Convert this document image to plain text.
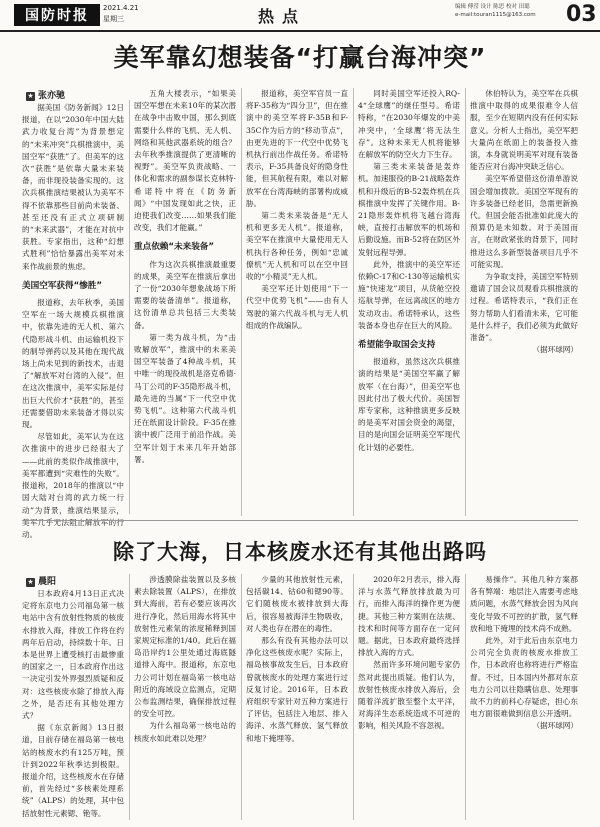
国防时报	2021.4.21
星期三	热点	编辑 傅滢 设计 陈思 校对 田聪
e-mail:touran1115@163.com 03
美军靠幻想装备“打赢台海冲突”
★ 张亦驰

据美国《防务新闻》12日报道，在以“2030年中国大陆武力收复台湾”为背景想定的“未来冲突”兵棋推演中，美国空军“获胜”了。但美军的这次“获胜”是依靠大量未来装备，而非现役装备实现的。这次兵棋推演结果被认为美军不得不依靠那些目前尚未装备、甚至还没有正式立项研制的“未来武器”，才能在对抗中获胜。专家指出，这种“幻想式胜利”恰恰暴露出美军对未来作战前景的焦虑。

美国空军获得“惨胜”

报道称，去年秋季，美国空军在一场大规模兵棋推演中，依靠先进的无人机、第六代隐形战斗机、由运输机投下的制导弹药以及其他在现代战场上尚未见到的新技术，击退了“解放军对台湾的入侵”。但在这次推演中，美军实际是付出巨大代价才“获胜”的，甚至还需要借助未来装备才得以实现。

尽管如此，美军认为在这次推演中的进步已经很大了——此前的类似作战推演中，美军都遭到“灾难性的失败”。报道称，2018年的推演以“中国大陆对台湾的武力统一行动”为背景，推演结果显示，美军几乎无法阻止解放军的行动。

五角大楼表示，“如果美国空军想在未来10年的某次潜在战争中击败中国，那么到底需要什么样的飞机、无人机、网络和其他武器系统的组合？去年秋季推演提供了更清晰的视野”。美空军负责战略、一体化和需求的副参谋长克林特·希诺特中将在《防务新闻》“中国发现如此之快，正迫使我们改变……如果我们能改变，我们才能赢。”

重点依赖“未来装备”

作为这次兵棋推演最重要的成果，美空军在推演后拿出了一份“2030年想象战场下所需要的装备清单”。报道称，这份清单总共包括三大类装备。

第一类为战斗机，为“击败解放军”，推演中的未来美国空军装备了4种战斗机，其中唯一的现役战机是洛克希德·马丁公司的F-35隐形战斗机，最先进的当属“下一代空中优势飞机”。这种第六代战斗机还在纸面设计阶段。F-35在推演中被广泛用于前沿作战。美空军计划于未来几年开始部署。

报道称，美空军官员一直将F-35称为“四分卫”，但在推演中的美空军将F-35B和F-35C作为后方的“移动节点”，由更先进的下一代空中优势飞机执行前出作战任务。希诺特表示，F-35具备良好的隐身性能，但其航程有限，难以对解放军在台湾海峡的部署构成威胁。

第二类未来装备是“无人机和更多无人机”。报道称，美空军在推演中大量使用无人机执行各种任务，例如“忠诚僚机”无人机和可以在空中回收的“小精灵”无人机。

美空军还计划使用“下一代空中优势飞机”——由有人驾驶的第六代战斗机与无人机组成的作战编队。

同时美国空军还投入RQ-4“全球鹰”的继任型号。希诺特称，“在2030年爆发的中美冲突中，‘全球鹰’将无法生存”。这种未来无人机将能够在解放军的防空火力下生存。

第三类未来装备是轰炸机。加速服役的B-21战略轰炸机和升级后的B-52轰炸机在兵棋推演中发挥了关键作用。B-21隐形轰炸机将飞越台湾海峡，直接打击解放军的机场和后勤设施。而B-52将在防区外发射远程导弹。

此外，推演中的美空军还依赖C-17和C-130等运输机实施“快速龙”项目，从货舱空投巡航导弹，在远离战区的地方发动攻击。希诺特承认，这些装备本身也存在巨大的风险。

希望能争取国会支持

报道称，虽然这次兵棋推演的结果是“美国空军赢了解放军（在台海）”，但美空军也因此付出了极大代价。美国智库专家称，这种推演更多反映的是美军对国会资金的渴望，目的是向国会证明美空军现代化计划的必要性。

休伯特认为，美空军在兵棋推演中取得的成果很难令人信服，至少在短期内没有任何实际意义。分析人士指出，美空军把大量尚在纸面上的装备投入推演，本身就说明美军对现有装备能否应对台海冲突缺乏信心。

美空军希望借这份清单游说国会增加拨款。美国空军现有的许多装备已经老旧，急需更新换代。但国会能否批准如此庞大的预算仍是未知数。对于美国而言，在财政紧张的背景下，同时推进这么多新型装备项目几乎不可能实现。

为争取支持，美国空军特别邀请了国会议员观看兵棋推演的过程。希诺特表示，“我们正在努力帮助人们看清未来，它可能是什么样子，我们必须为此做好准备”。

（据环球网）

除了大海，日本核废水还有其他出路吗
★ 晨阳

日本政府4月13日正式决定将东京电力公司福岛第一核电站中含有放射性物质的核废水排放入海，排放工作将在约两年后启动，持续数十年。日本是世界上遭受核打击最惨重的国家之一，日本政府作出这一决定引发外界强烈质疑和反对：这些核废水除了排放入海之外，是否还有其他处理方式？

据《东京新闻》13日报道，目前存储在福岛第一核电站的核废水约有125万吨，预计到2022年秋季达到极限。报道介绍，这些核废水在存储前，首先经过“多核素处理系统”（ALPS）的处理，其中包括放射性元素锶、铯等。

涉透膜除盐装置以及多核素去除装置（ALPS），在排放到大海前，若有必要应该再次进行净化，然后用海水将其中放射性元素氚的浓度稀释到国家规定标准的1/40。此后在福岛沿岸约1公里处通过海底隧道排入海中。报道称，东京电力公司计划在福岛第一核电站附近的海域设立监测点，定期公布监测结果，确保排放过程的安全可控。

为什么福岛第一核电站的核废水如此难以处理？

少量的其他放射性元素，包括碳14、钴60和锶90等。它们随核废水被排放到大海后，很容易被海洋生物吸收，对人类也存在潜在的毒性。

那么有没有其他办法可以净化这些核废水呢？实际上，福岛核事故发生后，日本政府曾就核废水的处理方案进行过反复讨论。2016年，日本政府组织专家针对五种方案进行了评估，包括注入地层、排入海洋、水蒸气释放、氢气释放和地下掩埋等。

2020年2月表示，排入海洋与水蒸气释放排放最为可行，而排入海洋的操作更为便捷。其他三种方案则在法规、技术和时间等方面存在一定问题。据此，日本政府最终选择排放入海的方式。

然而许多环境问题专家仍然对此提出质疑。他们认为，放射性核废水排放入海后，会随着洋流扩散至整个太平洋，对海洋生态系统造成不可逆的影响，相关风险不容忽视。

易操作”。其他几种方案都各有弊端：地层注入需要考虑地质问题，水蒸气释放会因为风向变化导致不可控的扩散，氢气释放和地下掩埋的技术尚不成熟。

此外，对于此后由东京电力公司完全负责的核废水排放工作，日本政府也称将进行严格监督。不过，日本国内外都对东京电力公司以往隐瞒信息、处理事故不力的前科心存疑虑，担心东电方面很难做到信息公开透明。

（据环球网）
